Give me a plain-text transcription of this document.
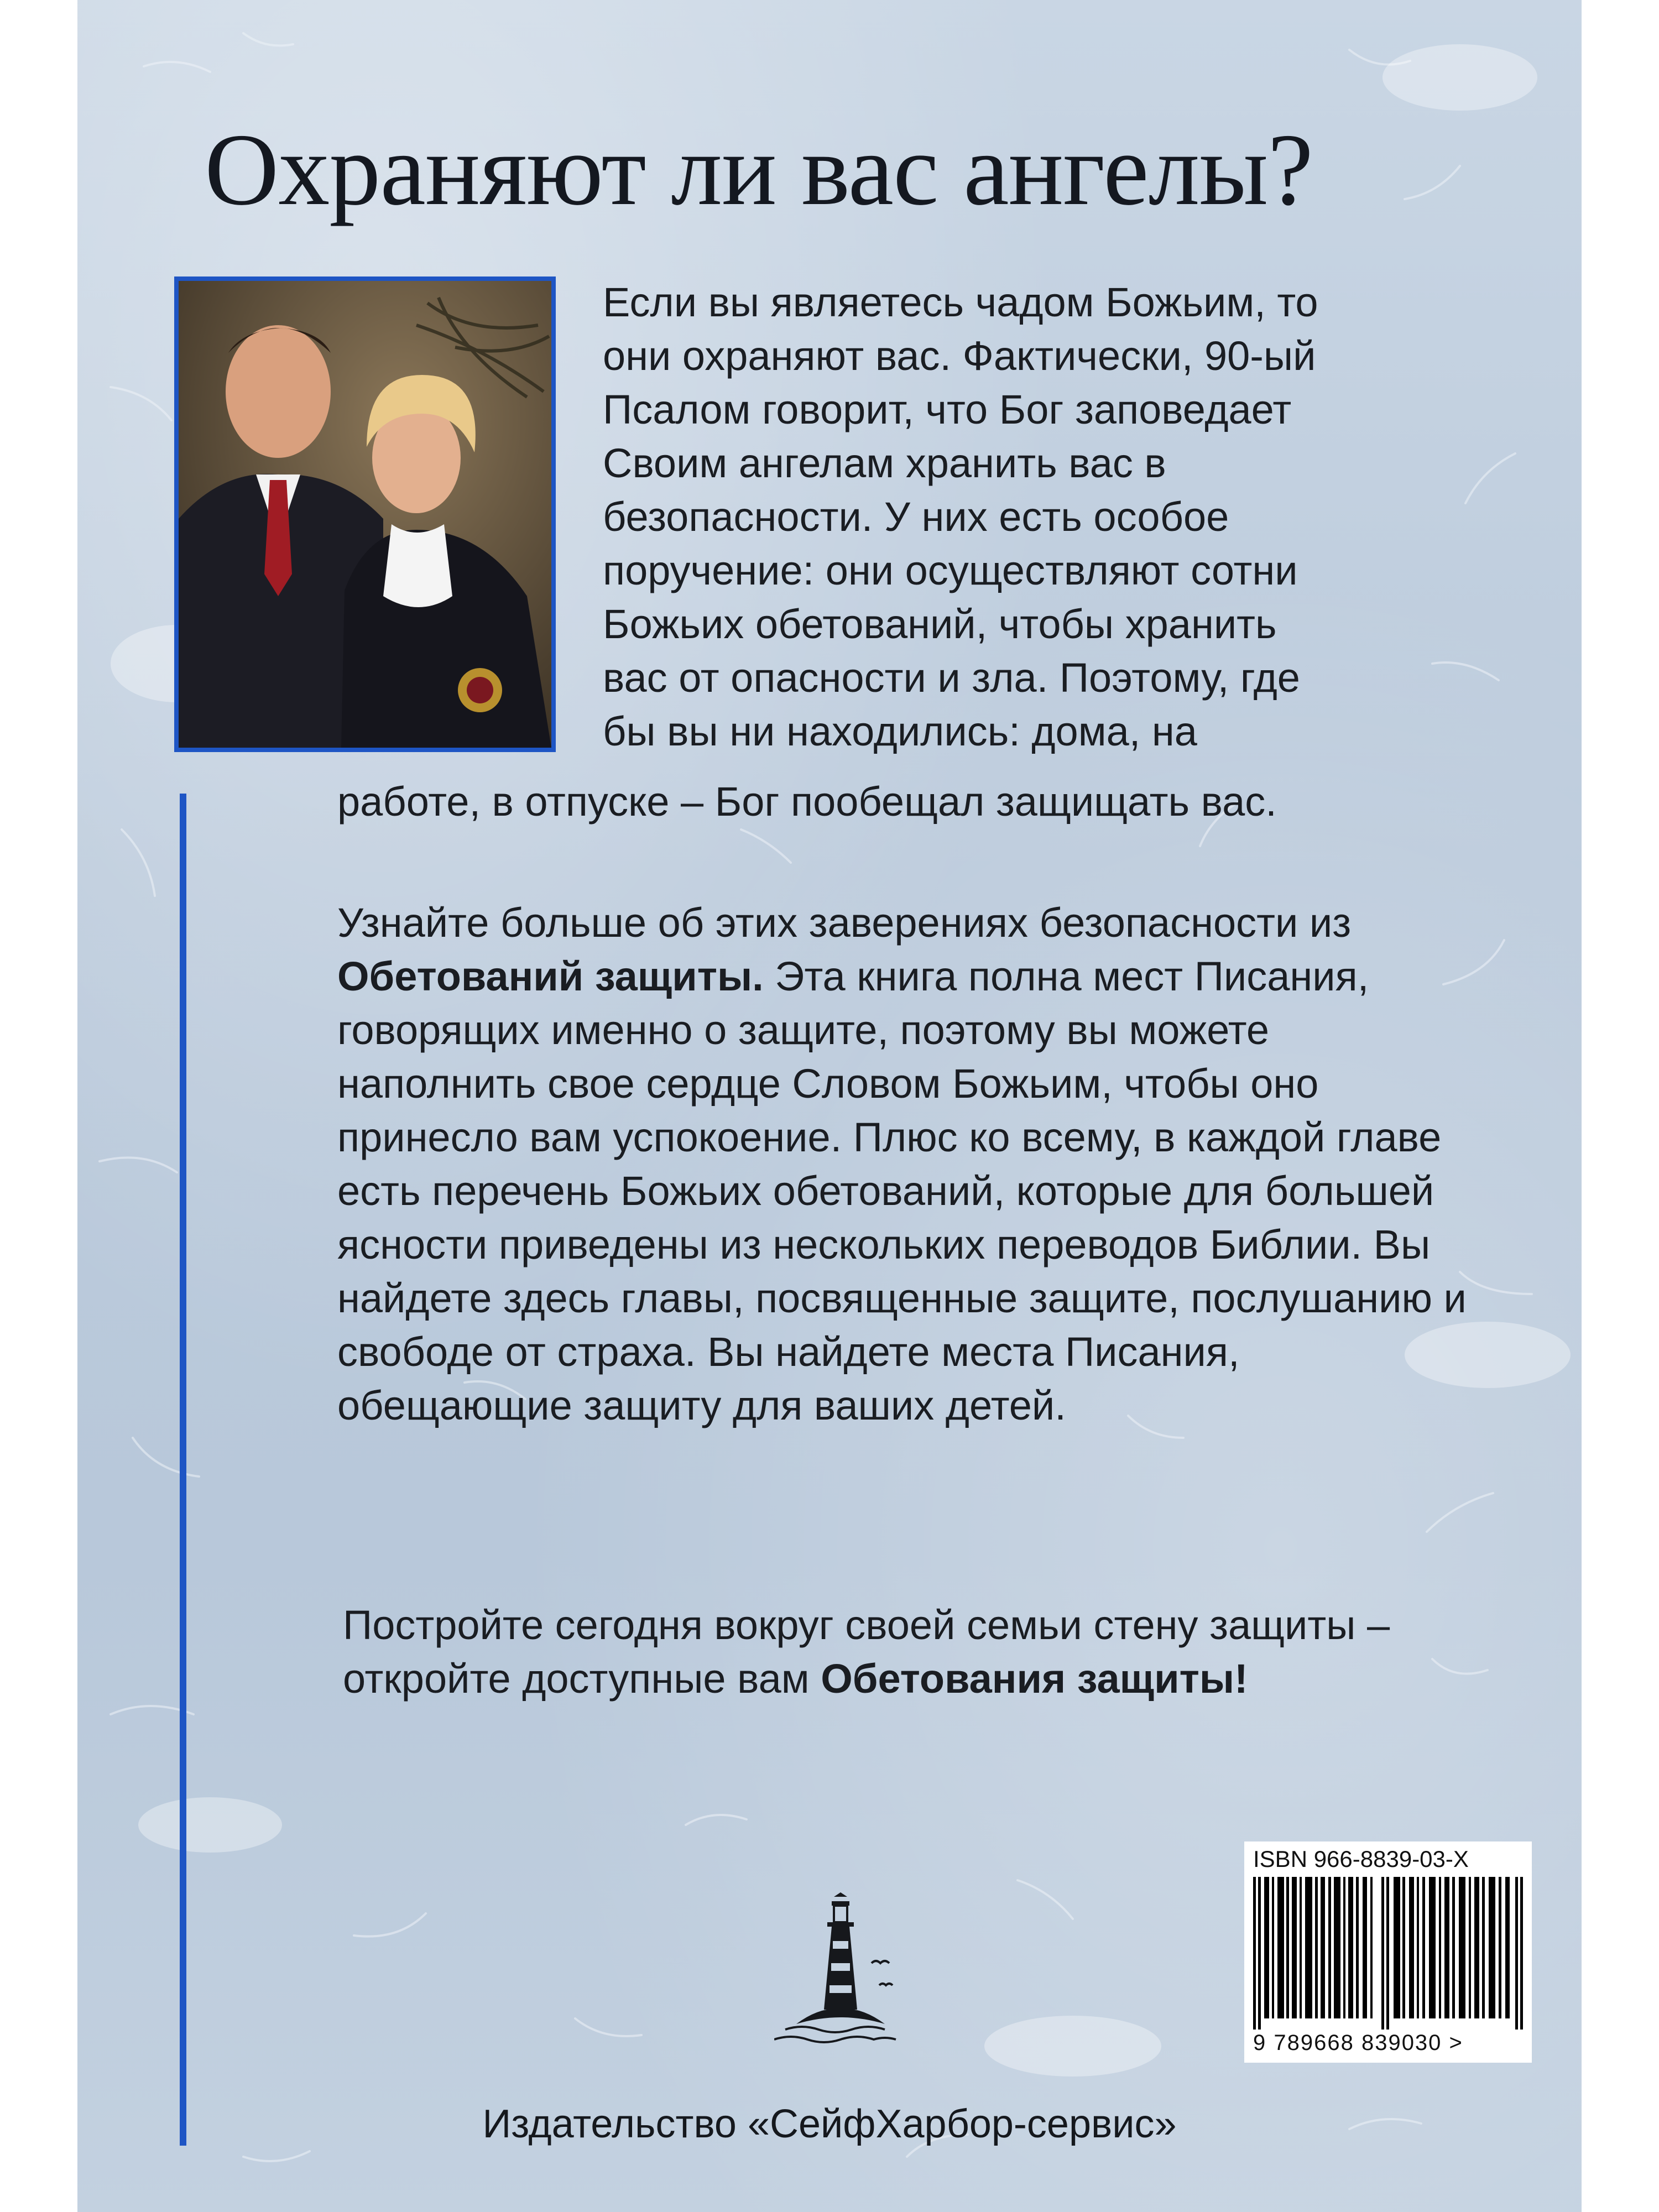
Охраняют ли вас ангелы?
Если вы являетесь чадом Божьим, то
они охраняют вас. Фактически, 90-ый
Псалом говорит, что Бог заповедает
Своим ангелам хранить вас в
безопасности. У них есть особое
поручение: они осуществляют сотни
Божьих обетований, чтобы хранить
вас от опасности и зла. Поэтому, где
бы вы ни находились: дома, на
работе, в отпуске – Бог пообещал защищать вас.
Узнайте больше об этих заверениях безопасности из Обетований защиты. Эта книга полна мест Писания, говорящих именно о защите, поэтому вы можете наполнить свое сердце Словом Божьим, чтобы оно принесло вам успокоение. Плюс ко всему, в каждой главе есть перечень Божьих обетований, которые для большей ясности приведены из нескольких переводов Библии. Вы найдете здесь главы, посвященные защите, послушанию и свободе от страха. Вы найдете места Писания, обещающие защиту для ваших детей.
Постройте сегодня вокруг своей семьи стену защиты – откройте доступные вам Обетования защиты!
ISBN 966-8839-03-X
9 789668 839030 >
Издательство «СейфХарбор-сервис»
